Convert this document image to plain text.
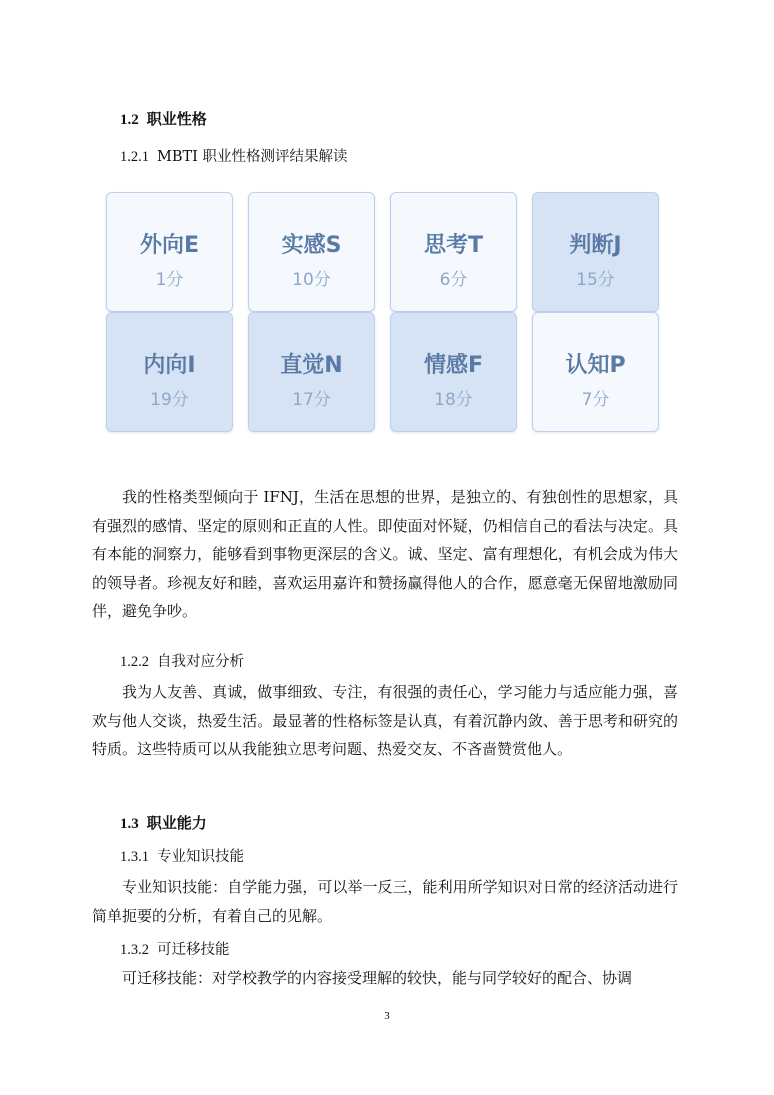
1.2 职业性格
1.2.1 MBTI 职业性格测评结果解读
外向E
1分
实感S
10分
思考T
6分
判断J
15分
内向I
19分
直觉N
17分
情感F
18分
认知P
7分

我的性格类型倾向于 IFNJ，生活在思想的世界，是独立的、有独创性的思想家，具有强烈的感情、坚定的原则和正直的人性。即使面对怀疑，仍相信自己的看法与决定。具有本能的洞察力，能够看到事物更深层的含义。诚、坚定、富有理想化，有机会成为伟大的领导者。珍视友好和睦，喜欢运用嘉许和赞扬赢得他人的合作，愿意毫无保留地激励同伴，避免争吵。

1.2.2 自我对应分析

我为人友善、真诚，做事细致、专注，有很强的责任心，学习能力与适应能力强，喜欢与他人交谈，热爱生活。最显著的性格标签是认真，有着沉静内敛、善于思考和研究的特质。这些特质可以从我能独立思考问题、热爱交友、不吝啬赞赏他人。

1.3 职业能力
1.3.1 专业知识技能

专业知识技能：自学能力强，可以举一反三，能利用所学知识对日常的经济活动进行简单扼要的分析，有着自己的见解。

1.3.2 可迁移技能

可迁移技能：对学校教学的内容接受理解的较快，能与同学较好的配合、协调

3
